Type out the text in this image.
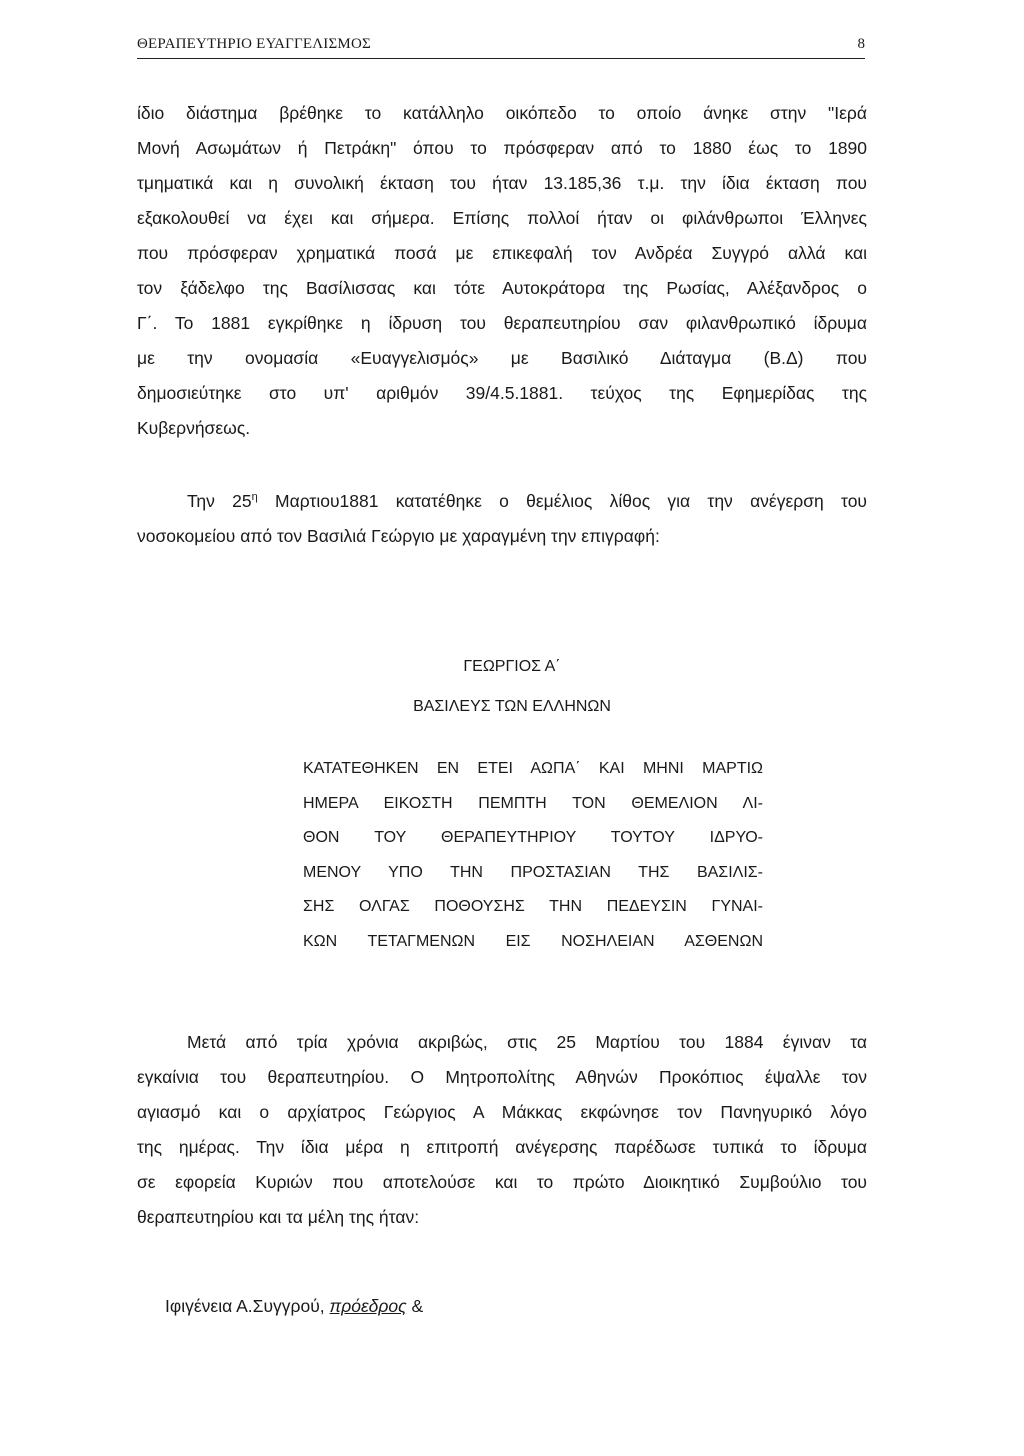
ΘΕΡΑΠΕΥΤΗΡΙΟ ΕΥΑΓΓΕΛΙΣΜΟΣ	8
ίδιο διάστημα βρέθηκε το κατάλληλο οικόπεδο το οποίο άνηκε στην "Ιερά
Μονή Ασωμάτων ή Πετράκη" όπου το πρόσφεραν από το 1880 έως το 1890
τμηματικά και η συνολική έκταση του ήταν 13.185,36 τ.μ. την ίδια έκταση που
εξακολουθεί να έχει και σήμερα. Επίσης πολλοί ήταν οι φιλάνθρωποι Έλληνες
που πρόσφεραν χρηματικά ποσά με επικεφαλή τον Ανδρέα Συγγρό αλλά και
τον ξάδελφο της Βασίλισσας και τότε Αυτοκράτορα της Ρωσίας, Αλέξανδρος ο
Γ΄. Το 1881 εγκρίθηκε η ίδρυση του θεραπευτηρίου σαν φιλανθρωπικό ίδρυμα
με την ονομασία «Ευαγγελισμός» με Βασιλικό Διάταγμα (Β.Δ) που
δημοσιεύτηκε στο υπ' αριθμόν 39/4.5.1881. τεύχος της Εφημερίδας της
Κυβερνήσεως.
Την $25^\eta$ Μαρτιου1881 κατατέθηκε ο θεμέλιος λίθος για την ανέγερση του
νοσοκομείου από τον Βασιλιά Γεώργιο με χαραγμένη την επιγραφή:
ΓΕΩΡΓΙΟΣ Α΄
ΒΑΣΙΛΕΥΣ ΤΩΝ ΕΛΛΗΝΩΝ
ΚΑΤΑΤΕΘΗΚΕΝ ΕΝ ΕΤΕΙ ΑΩΠΑ΄ ΚΑΙ ΜΗΝΙ ΜΑΡΤΙΩ
ΗΜΕΡΑ ΕΙΚΟΣΤΗ ΠΕΜΠΤΗ ΤΟΝ ΘΕΜΕΛΙΟΝ ΛΙ-
ΘΟΝ ΤΟΥ ΘΕΡΑΠΕΥΤΗΡΙΟΥ ΤΟΥΤΟΥ ΙΔΡΥΟ-
ΜΕΝΟΥ ΥΠΟ ΤΗΝ ΠΡΟΣΤΑΣΙΑΝ ΤΗΣ ΒΑΣΙΛΙΣ-
ΣΗΣ ΟΛΓΑΣ ΠΟΘΟΥΣΗΣ ΤΗΝ ΠΕΔΕΥΣΙΝ ΓΥΝΑΙ-
ΚΩΝ ΤΕΤΑΓΜΕΝΩΝ ΕΙΣ ΝΟΣΗΛΕΙΑΝ ΑΣΘΕΝΩΝ
Μετά από τρία χρόνια ακριβώς, στις 25 Μαρτίου του 1884 έγιναν τα
εγκαίνια του θεραπευτηρίου. Ο Μητροπολίτης Αθηνών Προκόπιος έψαλλε τον
αγιασμό και ο αρχίατρος Γεώργιος Α Μάκκας εκφώνησε τον Πανηγυρικό λόγο
της ημέρας. Την ίδια μέρα η επιτροπή ανέγερσης παρέδωσε τυπικά το ίδρυμα
σε εφορεία Κυριών που αποτελούσε και το πρώτο Διοικητικό Συμβούλιο του
θεραπευτηρίου και τα μέλη της ήταν:
Ιφιγένεια Α.Συγγρού, πρόεδρος &
